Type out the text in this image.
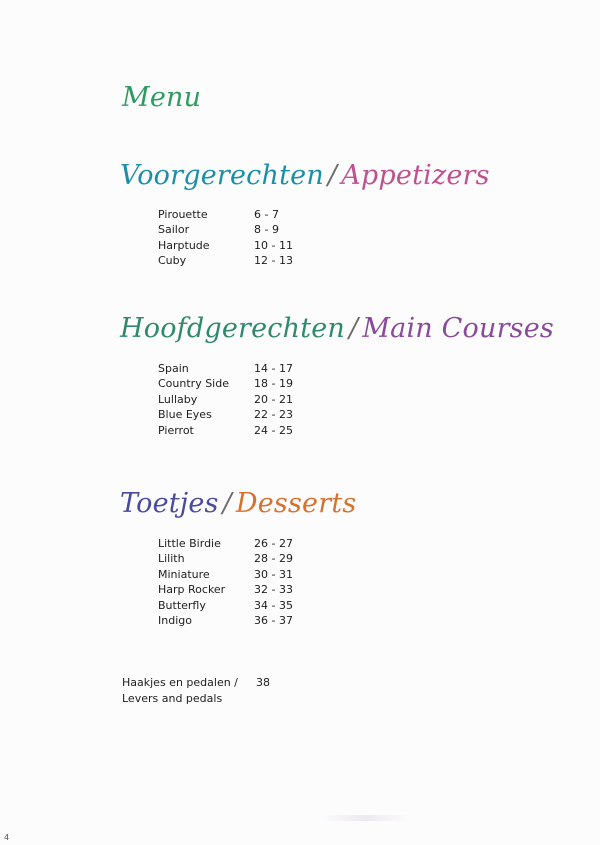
Menu
Voorgerechten / Appetizers
Pirouette	6 - 7
Sailor	8 - 9
Harptude	10 - 11
Cuby	12 - 13
Hoofdgerechten / Main Courses
Spain	14 - 17
Country Side	18 - 19
Lullaby	20 - 21
Blue Eyes	22 - 23
Pierrot	24 - 25
Toetjes / Desserts
Little Birdie	26 - 27
Lilith	28 - 29
Miniature	30 - 31
Harp Rocker	32 - 33
Butterfly	34 - 35
Indigo	36 - 37
Haakjes en pedalen /
Levers and pedals
38
4
